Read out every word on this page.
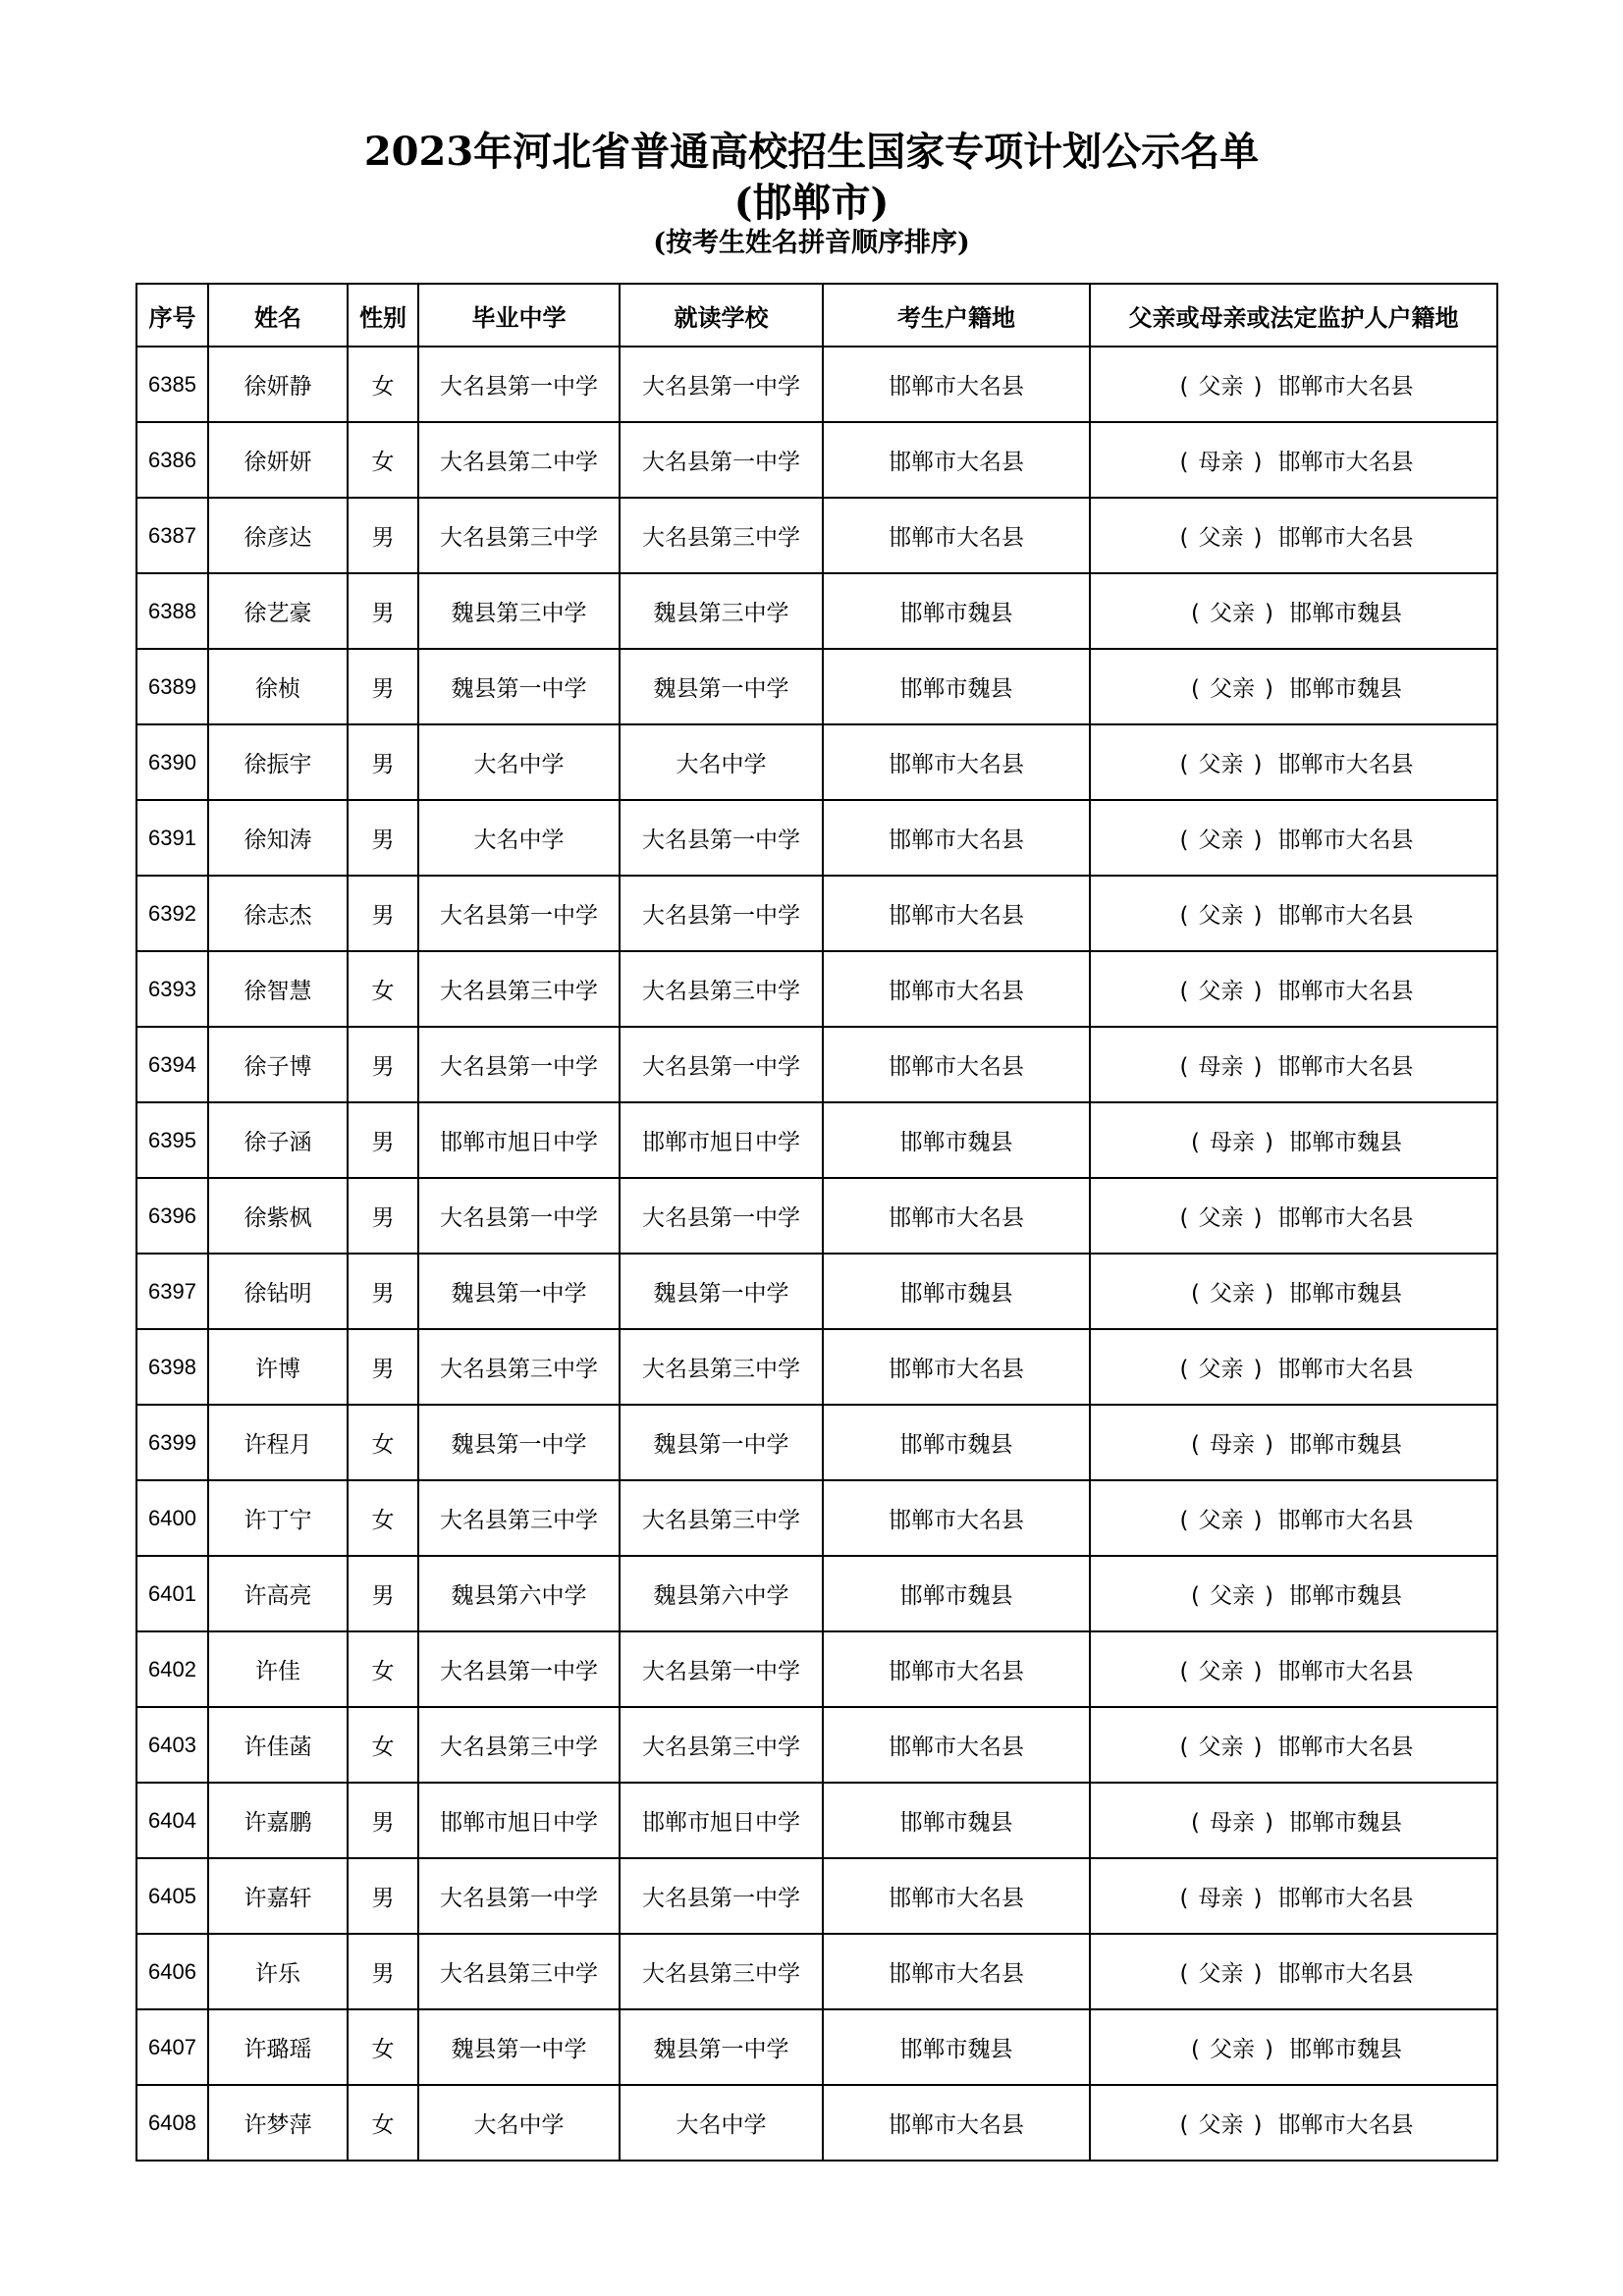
2023年河北省普通高校招生国家专项计划公示名单
(邯郸市)
(按考生姓名拼音顺序排序)
序号	姓名	性别	毕业中学	就读学校	考生户籍地	父亲或母亲或法定监护人户籍地
6385	徐妍静	女	大名县第一中学	大名县第一中学	邯郸市大名县	( 父亲 ) 邯郸市大名县
6386	徐妍妍	女	大名县第二中学	大名县第一中学	邯郸市大名县	( 母亲 ) 邯郸市大名县
6387	徐彦达	男	大名县第三中学	大名县第三中学	邯郸市大名县	( 父亲 ) 邯郸市大名县
6388	徐艺豪	男	魏县第三中学	魏县第三中学	邯郸市魏县	( 父亲 ) 邯郸市魏县
6389	徐桢	男	魏县第一中学	魏县第一中学	邯郸市魏县	( 父亲 ) 邯郸市魏县
6390	徐振宇	男	大名中学	大名中学	邯郸市大名县	( 父亲 ) 邯郸市大名县
6391	徐知涛	男	大名中学	大名县第一中学	邯郸市大名县	( 父亲 ) 邯郸市大名县
6392	徐志杰	男	大名县第一中学	大名县第一中学	邯郸市大名县	( 父亲 ) 邯郸市大名县
6393	徐智慧	女	大名县第三中学	大名县第三中学	邯郸市大名县	( 父亲 ) 邯郸市大名县
6394	徐子博	男	大名县第一中学	大名县第一中学	邯郸市大名县	( 母亲 ) 邯郸市大名县
6395	徐子涵	男	邯郸市旭日中学	邯郸市旭日中学	邯郸市魏县	( 母亲 ) 邯郸市魏县
6396	徐紫枫	男	大名县第一中学	大名县第一中学	邯郸市大名县	( 父亲 ) 邯郸市大名县
6397	徐钻明	男	魏县第一中学	魏县第一中学	邯郸市魏县	( 父亲 ) 邯郸市魏县
6398	许博	男	大名县第三中学	大名县第三中学	邯郸市大名县	( 父亲 ) 邯郸市大名县
6399	许程月	女	魏县第一中学	魏县第一中学	邯郸市魏县	( 母亲 ) 邯郸市魏县
6400	许丁宁	女	大名县第三中学	大名县第三中学	邯郸市大名县	( 父亲 ) 邯郸市大名县
6401	许高亮	男	魏县第六中学	魏县第六中学	邯郸市魏县	( 父亲 ) 邯郸市魏县
6402	许佳	女	大名县第一中学	大名县第一中学	邯郸市大名县	( 父亲 ) 邯郸市大名县
6403	许佳菡	女	大名县第三中学	大名县第三中学	邯郸市大名县	( 父亲 ) 邯郸市大名县
6404	许嘉鹏	男	邯郸市旭日中学	邯郸市旭日中学	邯郸市魏县	( 母亲 ) 邯郸市魏县
6405	许嘉轩	男	大名县第一中学	大名县第一中学	邯郸市大名县	( 母亲 ) 邯郸市大名县
6406	许乐	男	大名县第三中学	大名县第三中学	邯郸市大名县	( 父亲 ) 邯郸市大名县
6407	许璐瑶	女	魏县第一中学	魏县第一中学	邯郸市魏县	( 父亲 ) 邯郸市魏县
6408	许梦萍	女	大名中学	大名中学	邯郸市大名县	( 父亲 ) 邯郸市大名县
